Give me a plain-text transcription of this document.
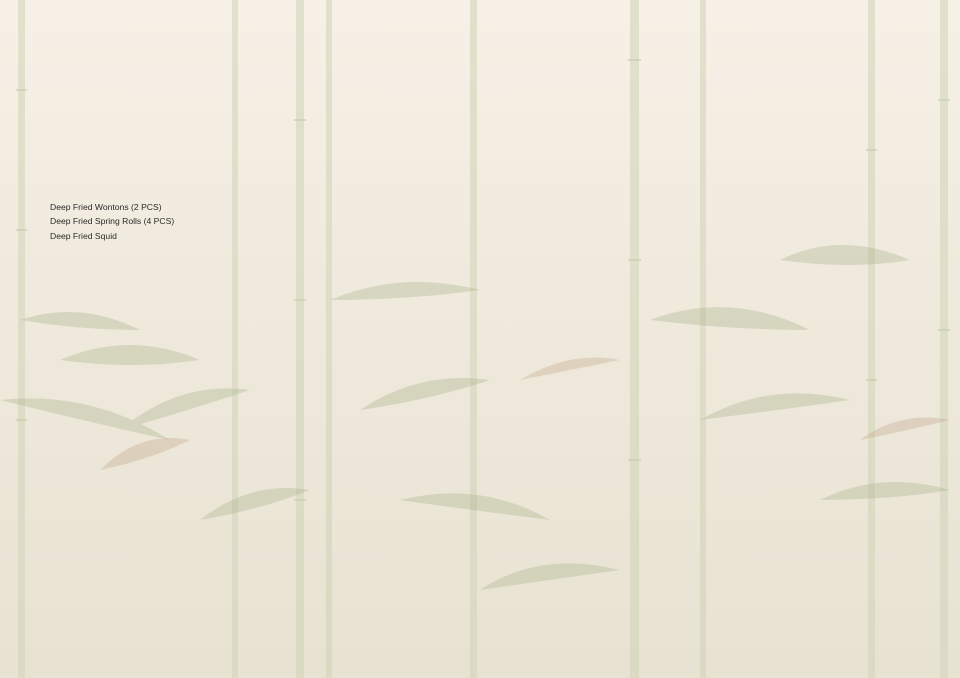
Deep Fried Wontons (2 PCS)
Deep Fried Spring Rolls (4 PCS)
Deep Fried Squid
